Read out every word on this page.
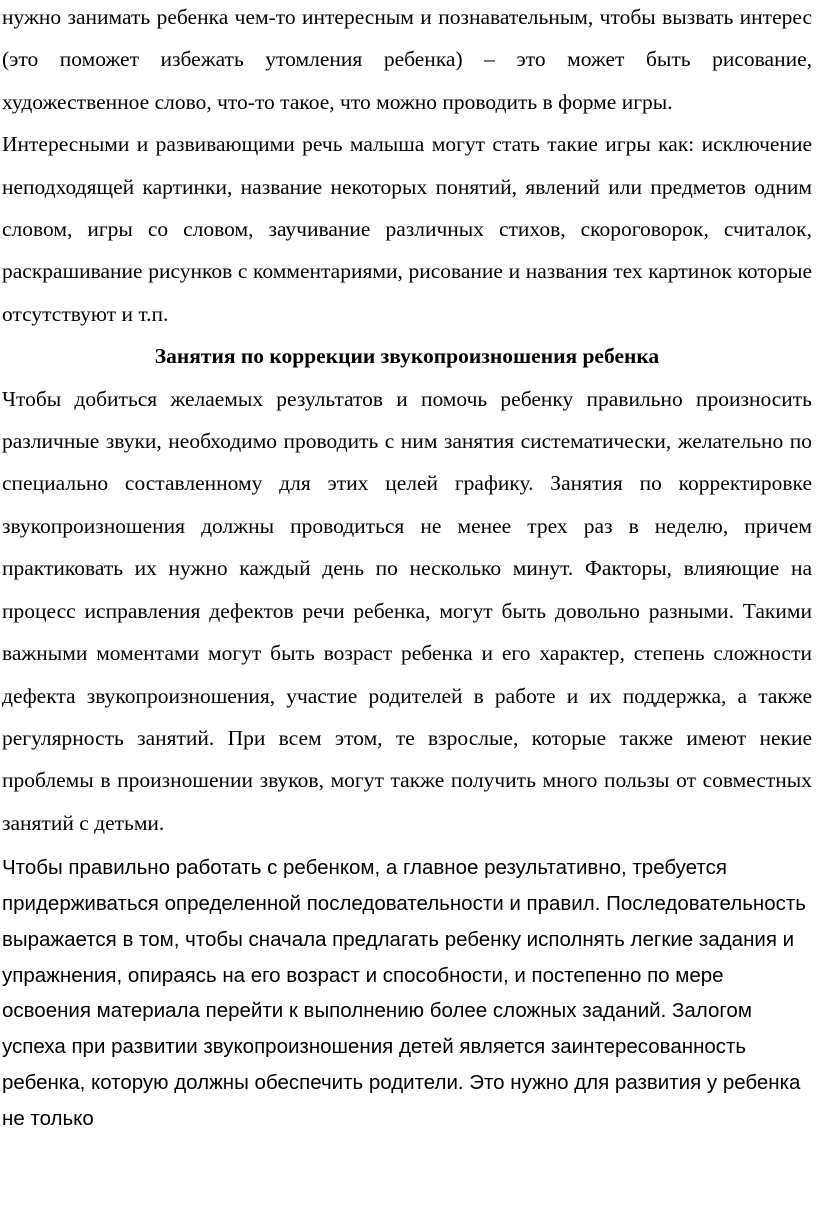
нужно занимать ребенка чем-то интересным и познавательным, чтобы вызвать интерес (это поможет избежать утомления ребенка) – это может быть рисование, художественное слово, что-то такое, что можно проводить в форме игры.

Интересными и развивающими речь малыша могут стать такие игры как: исключение неподходящей картинки, название некоторых понятий, явлений или предметов одним словом, игры со словом, заучивание различных стихов, скороговорок, считалок, раскрашивание рисунков с комментариями, рисование и названия тех картинок которые отсутствуют и т.п.

Занятия по коррекции звукопроизношения ребенка

Чтобы добиться желаемых результатов и помочь ребенку правильно произносить различные звуки, необходимо проводить с ним занятия систематически, желательно по специально составленному для этих целей графику. Занятия по корректировке звукопроизношения должны проводиться не менее трех раз в неделю, причем практиковать их нужно каждый день по несколько минут. Факторы, влияющие на процесс исправления дефектов речи ребенка, могут быть довольно разными. Такими важными моментами могут быть возраст ребенка и его характер, степень сложности дефекта звукопроизношения, участие родителей в работе и их поддержка, а также регулярность занятий. При всем этом, те взрослые, которые также имеют некие проблемы в произношении звуков, могут также получить много пользы от совместных занятий с детьми.

Чтобы правильно работать с ребенком, а главное результативно, требуется придерживаться определенной последовательности и правил. Последовательность выражается в том, чтобы сначала предлагать ребенку исполнять легкие задания и упражнения, опираясь на его возраст и способности, и постепенно по мере освоения материала перейти к выполнению более сложных заданий. Залогом успеха при развитии звукопроизношения детей является заинтересованность ребенка, которую должны обеспечить родители. Это нужно для развития у ребенка не только
